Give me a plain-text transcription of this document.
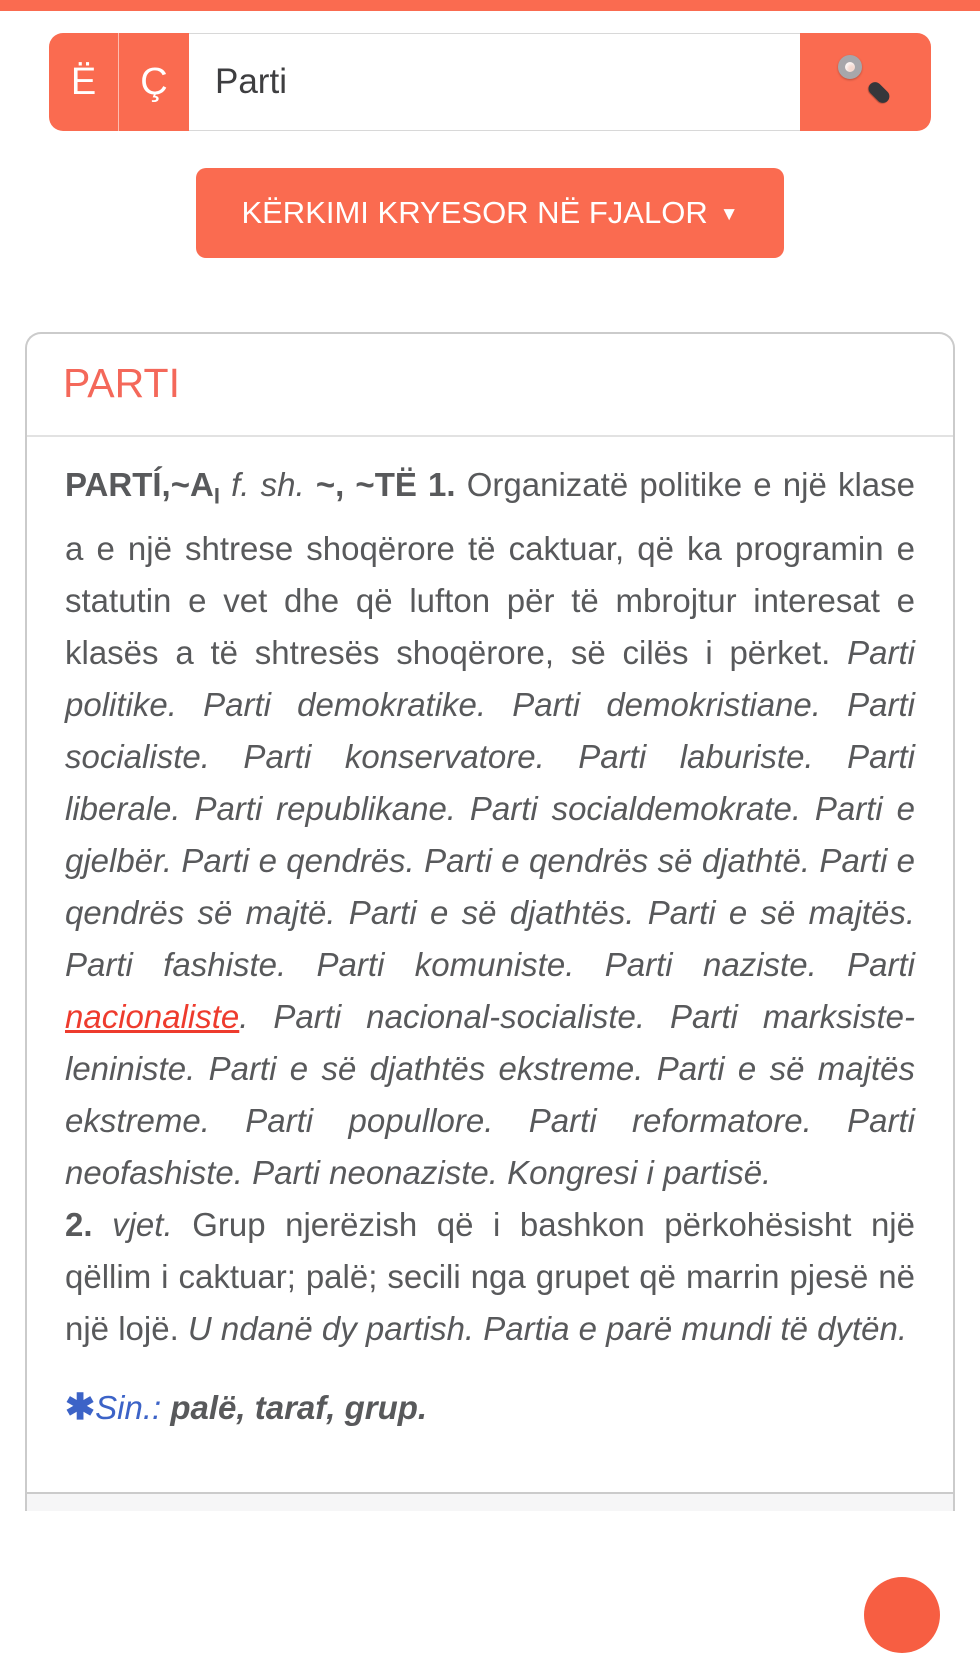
Ë	Ç
Parti
KËRKIMI KRYESOR NË FJALOR ▼
PARTI

$PARTÍ,\sim A_I$ f. sh. ~, ~TË 1. Organizatë politike e një klase a e një shtrese shoqërore të caktuar, që ka programin e statutin e vet dhe që lufton për të mbrojtur interesat e klasës a të shtresës shoqërore, së cilës i përket. Parti politike. Parti demokratike. Parti demokristiane. Parti socialiste. Parti konservatore. Parti laburiste. Parti liberale. Parti republikane. Parti socialdemokrate. Parti e gjelbër. Parti e qendrës. Parti e qendrës së djathtë. Parti e qendrës së majtë. Parti e së djathtës. Parti e së majtës. Parti fashiste. Parti komuniste. Parti naziste. Parti nacionaliste. Parti nacional-socialiste. Parti marksiste-leniniste. Parti e së djathtës ekstreme. Parti e së majtës ekstreme. Parti popullore. Parti reformatore. Parti neofashiste. Parti neonaziste. Kongresi i partisë.

2. vjet. Grup njerëzish që i bashkon përkohësisht një qëllim i caktuar; palë; secili nga grupet që marrin pjesë në një lojë. U ndanë dy partish. Partia e parë mundi të dytën.

✱Sin.: palë, taraf, grup.
